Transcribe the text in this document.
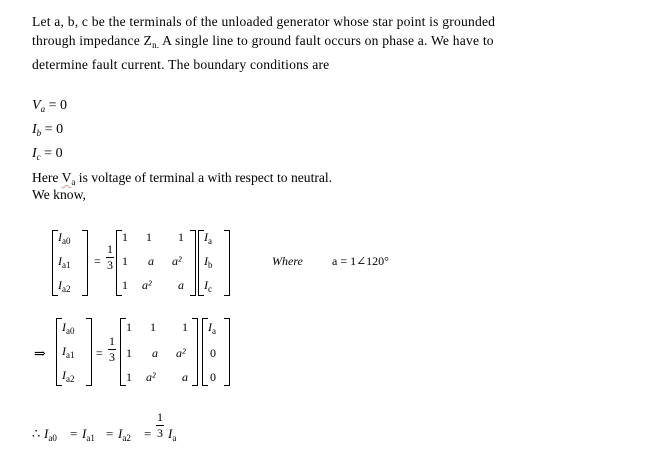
Let a, b, c be the terminals of the unloaded generator whose star point is grounded
through impedance $Z_{n.}$ A single line to ground fault occurs on phase a. We have to
determine fault current. The boundary conditions are
$V_a = 0$
$I_b = 0$
$I_c = 0$
Here $V_a$ is voltage of terminal a with respect to neutral.
We know,
$I_{a0}$
$I_{a1}$
$I_{a2}$
=
1
3
1 1 1
1 a a²
1 a² a
$I_a$
$I_b$
$I_c$
Where a = 1∠120°
⇒
$I_{a0}$
$I_{a1}$
$I_{a2}$
=
1
3
1 1 1
1 a a²
1 a² a
$I_a$
0
0
∴ $I_{a0} = I_{a1} = I_{a2}$ =
1
3 $I_a$
